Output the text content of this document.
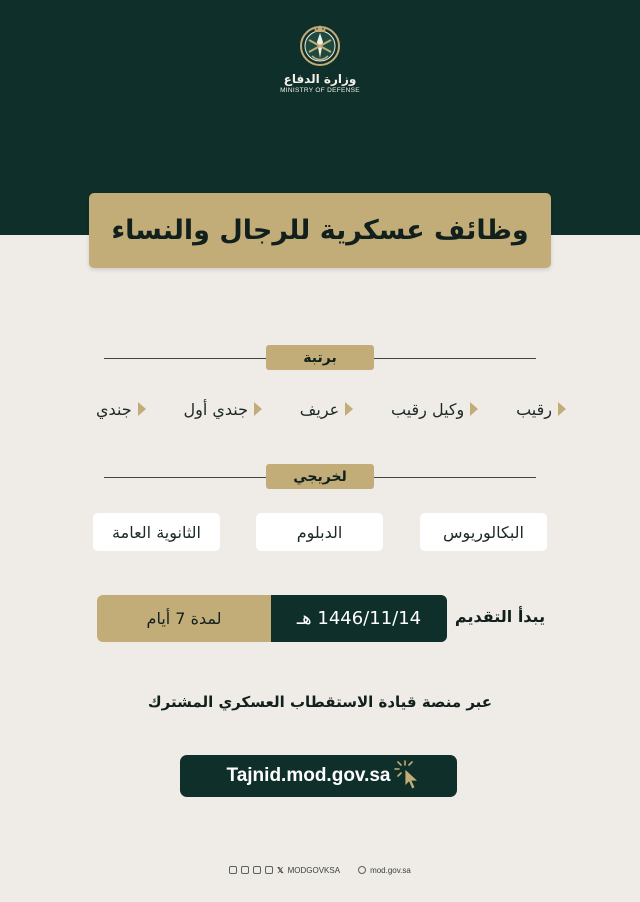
وزارة الدفاع
MINISTRY OF DEFENSE
وظائف عسكرية للرجال والنساء
برتبة
رقيب
وكيل رقيب
عريف
جندي أول
جندي
لخريجي
البكالوريوس
الدبلوم
الثانوية العامة
يبدأ التقديم
1446/11/14 هـ
لمدة 7 أيام
عبر منصة قيادة الاستقطاب العسكري المشترك
Tajnid.mod.gov.sa
𝕏 MODGOVKSA	mod.gov.sa
